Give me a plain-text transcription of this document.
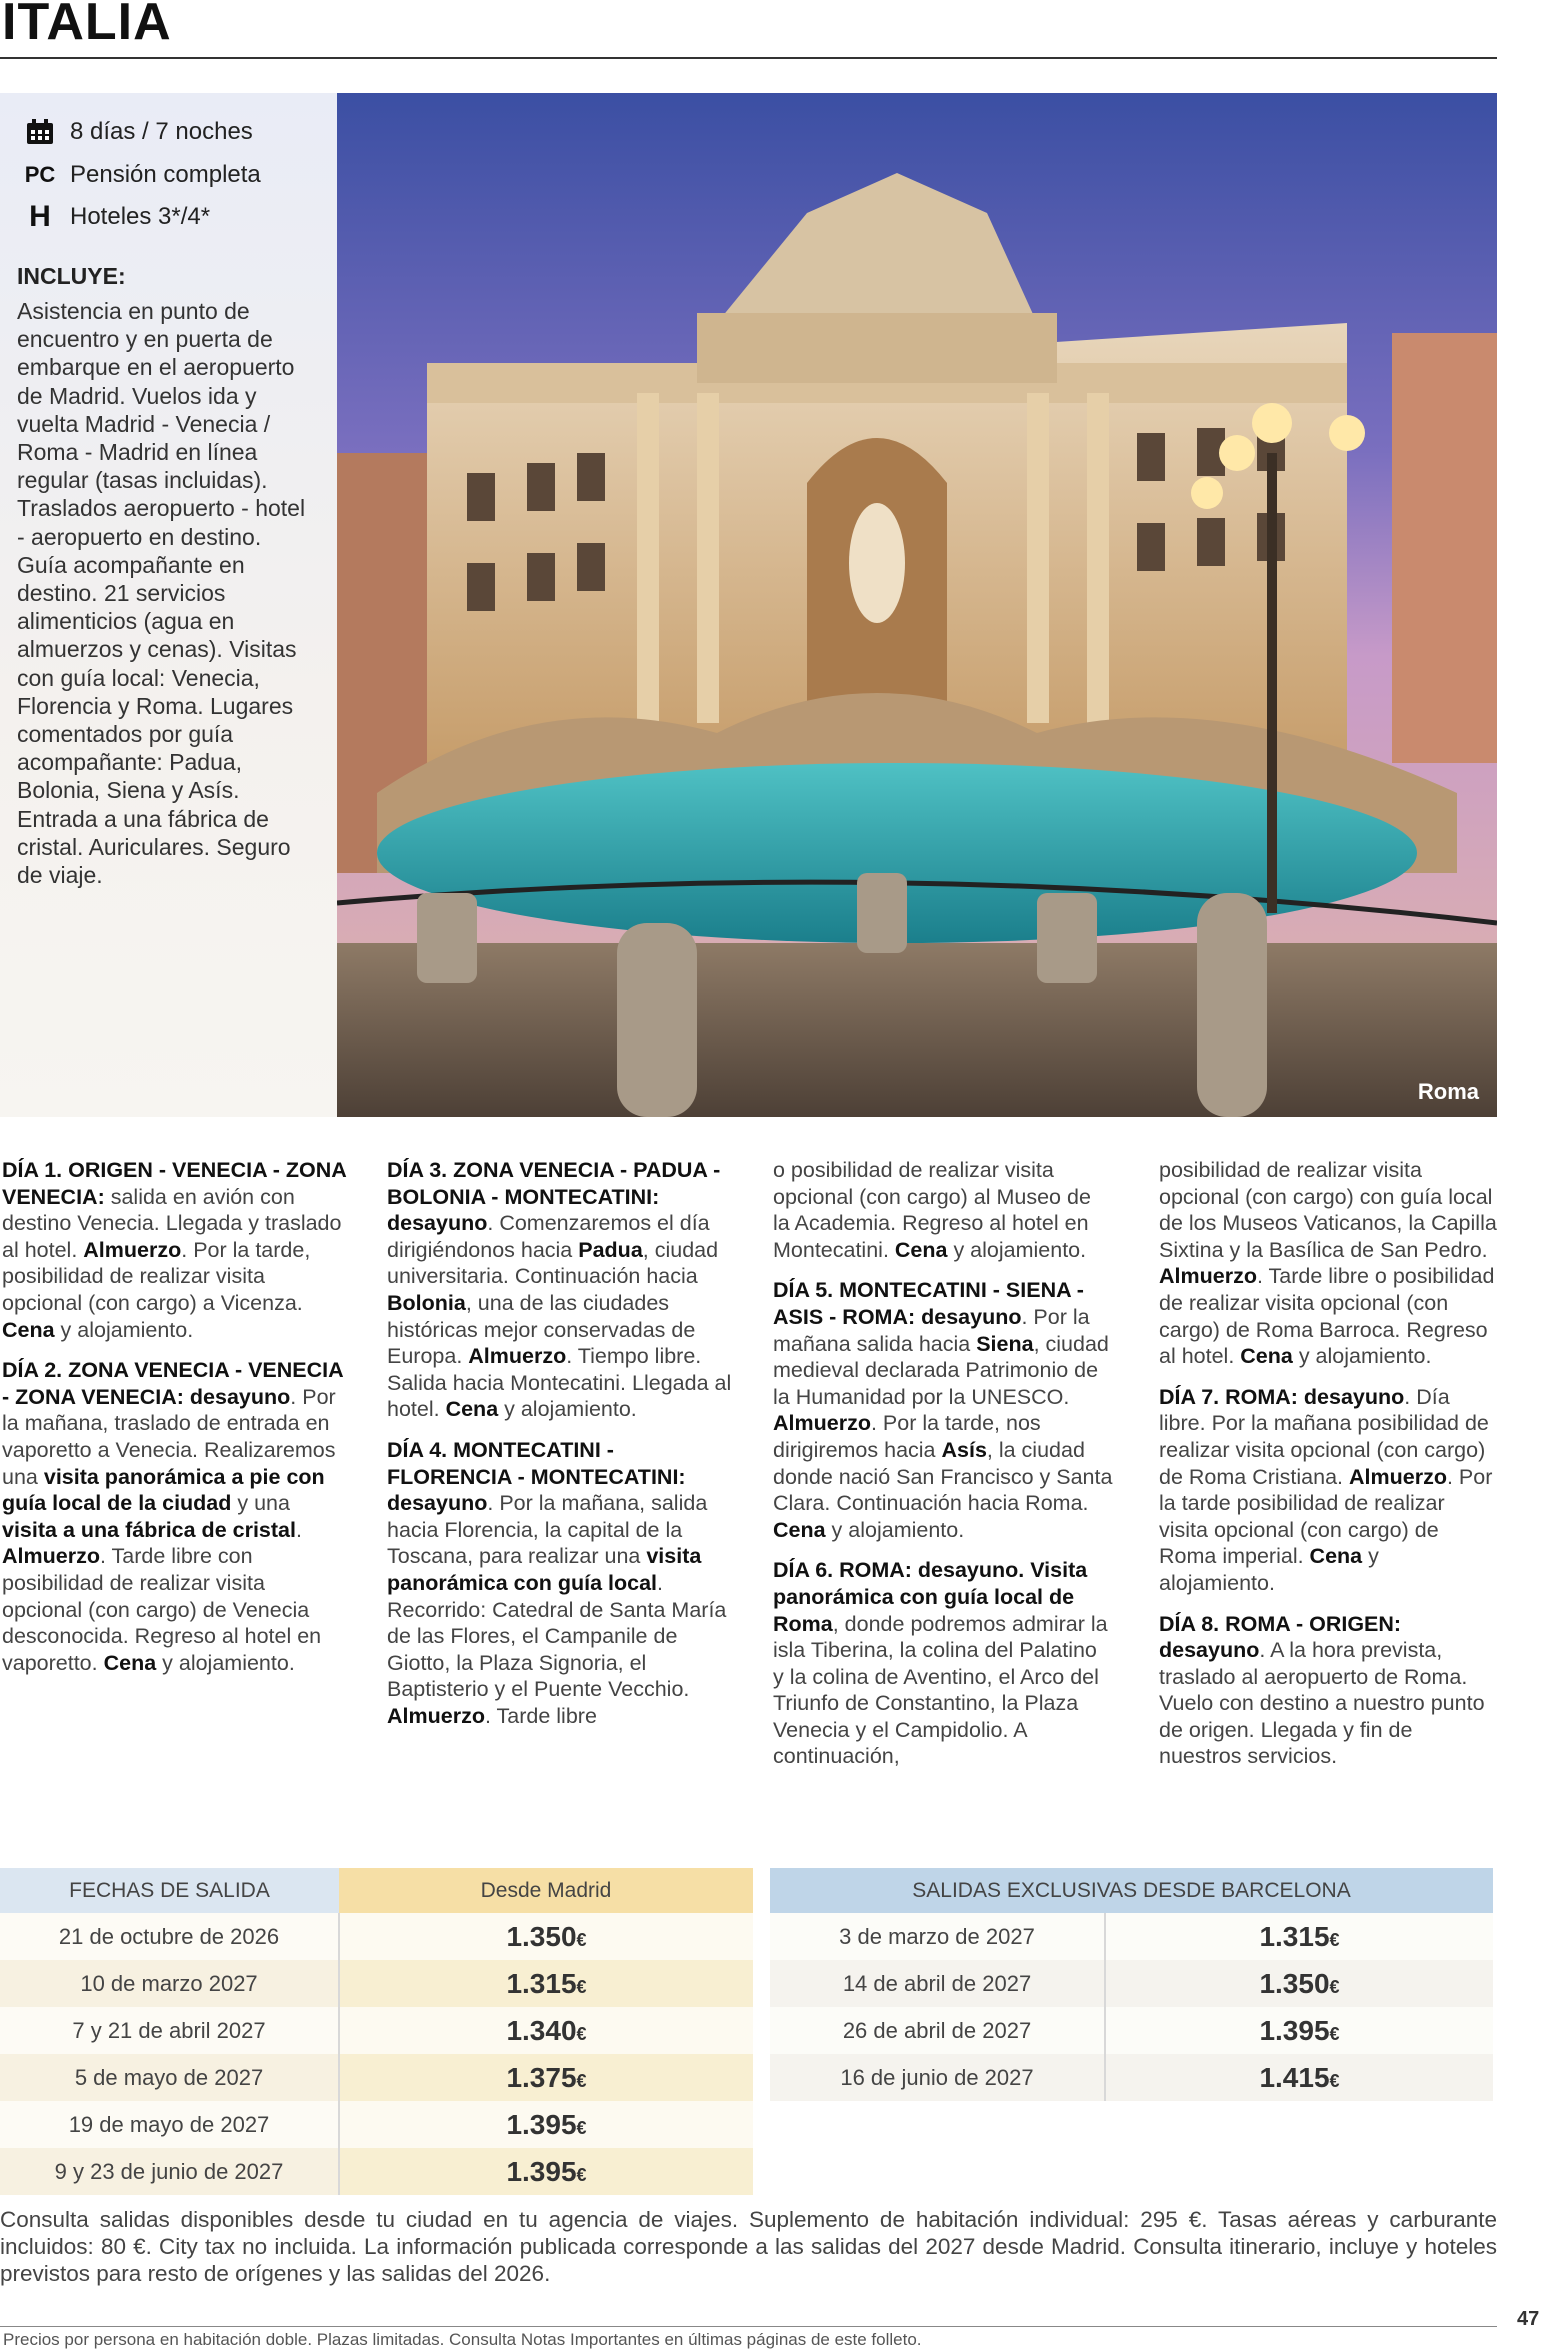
ITALIA
Roma
8 días / 7 noches
PC Pensión completa
H Hoteles 3*/4*
INCLUYE:
Asistencia en punto de encuentro y en puerta de embarque en el aeropuerto de Madrid. Vuelos ida y vuelta Madrid - Venecia / Roma - Madrid en línea regular (tasas incluidas). Traslados aeropuerto - hotel - aeropuerto en destino. Guía acompañante en destino. 21 servicios alimenticios (agua en almuerzos y cenas). Visitas con guía local: Venecia, Florencia y Roma. Lugares comentados por guía acompañante: Padua, Bolonia, Siena y Asís. Entrada a una fábrica de cristal. Auriculares. Seguro de viaje.

DÍA 1. ORIGEN - VENECIA - ZONA VENECIA: salida en avión con destino Venecia. Llegada y traslado al hotel. Almuerzo. Por la tarde, posibilidad de realizar visita opcional (con cargo) a Vicenza. Cena y alojamiento.

DÍA 2. ZONA VENECIA - VENECIA - ZONA VENECIA: desayuno. Por la mañana, traslado de entrada en vaporetto a Venecia. Realizaremos una visita panorámica a pie con guía local de la ciudad y una visita a una fábrica de cristal. Almuerzo. Tarde libre con posibilidad de realizar visita opcional (con cargo) de Venecia desconocida. Regreso al hotel en vaporetto. Cena y alojamiento.

DÍA 3. ZONA VENECIA - PADUA - BOLONIA - MONTECATINI: desayuno. Comenzaremos el día dirigiéndonos hacia Padua, ciudad universitaria. Continuación hacia Bolonia, una de las ciudades históricas mejor conservadas de Europa. Almuerzo. Tiempo libre. Salida hacia Montecatini. Llegada al hotel. Cena y alojamiento.

DÍA 4. MONTECATINI - FLORENCIA - MONTECATINI: desayuno. Por la mañana, salida hacia Florencia, la capital de la Toscana, para realizar una visita panorámica con guía local. Recorrido: Catedral de Santa María de las Flores, el Campanile de Giotto, la Plaza Signoria, el Baptisterio y el Puente Vecchio. Almuerzo. Tarde libre

o posibilidad de realizar visita opcional (con cargo) al Museo de la Academia. Regreso al hotel en Montecatini. Cena y alojamiento.

DÍA 5. MONTECATINI - SIENA - ASIS - ROMA: desayuno. Por la mañana salida hacia Siena, ciudad medieval declarada Patrimonio de la Humanidad por la UNESCO. Almuerzo. Por la tarde, nos dirigiremos hacia Asís, la ciudad donde nació San Francisco y Santa Clara. Continuación hacia Roma. Cena y alojamiento.

DÍA 6. ROMA: desayuno. Visita panorámica con guía local de Roma, donde podremos admirar la isla Tiberina, la colina del Palatino y la colina de Aventino, el Arco del Triunfo de Constantino, la Plaza Venecia y el Campidolio. A continuación,

posibilidad de realizar visita opcional (con cargo) con guía local de los Museos Vaticanos, la Capilla Sixtina y la Basílica de San Pedro. Almuerzo. Tarde libre o posibilidad de realizar visita opcional (con cargo) de Roma Barroca. Regreso al hotel. Cena y alojamiento.

DÍA 7. ROMA: desayuno. Día libre. Por la mañana posibilidad de realizar visita opcional (con cargo) de Roma Cristiana. Almuerzo. Por la tarde posibilidad de realizar visita opcional (con cargo) de Roma imperial. Cena y alojamiento.

DÍA 8. ROMA - ORIGEN: desayuno. A la hora prevista, traslado al aeropuerto de Roma. Vuelo con destino a nuestro punto de origen. Llegada y fin de nuestros servicios.

FECHAS DE SALIDA	Desde Madrid
21 de octubre de 2026	1.350€
10 de marzo 2027	1.315€
7 y 21 de abril 2027	1.340€
5 de mayo de 2027	1.375€
19 de mayo de 2027	1.395€
9 y 23 de junio de 2027	1.395€
SALIDAS EXCLUSIVAS DESDE BARCELONA	
3 de marzo de 2027	1.315€
14 de abril de 2027	1.350€
26 de abril de 2027	1.395€
16 de junio de 2027	1.415€
Consulta salidas disponibles desde tu ciudad en tu agencia de viajes. Suplemento de habitación individual: 295 €. Tasas aéreas y carburante incluidos: 80 €. City tax no incluida. La información publicada corresponde a las salidas del 2027 desde Madrid. Consulta itinerario, incluye y hoteles previstos para resto de orígenes y las salidas del 2026.
Precios por persona en habitación doble. Plazas limitadas. Consulta Notas Importantes en últimas páginas de este folleto.
47
